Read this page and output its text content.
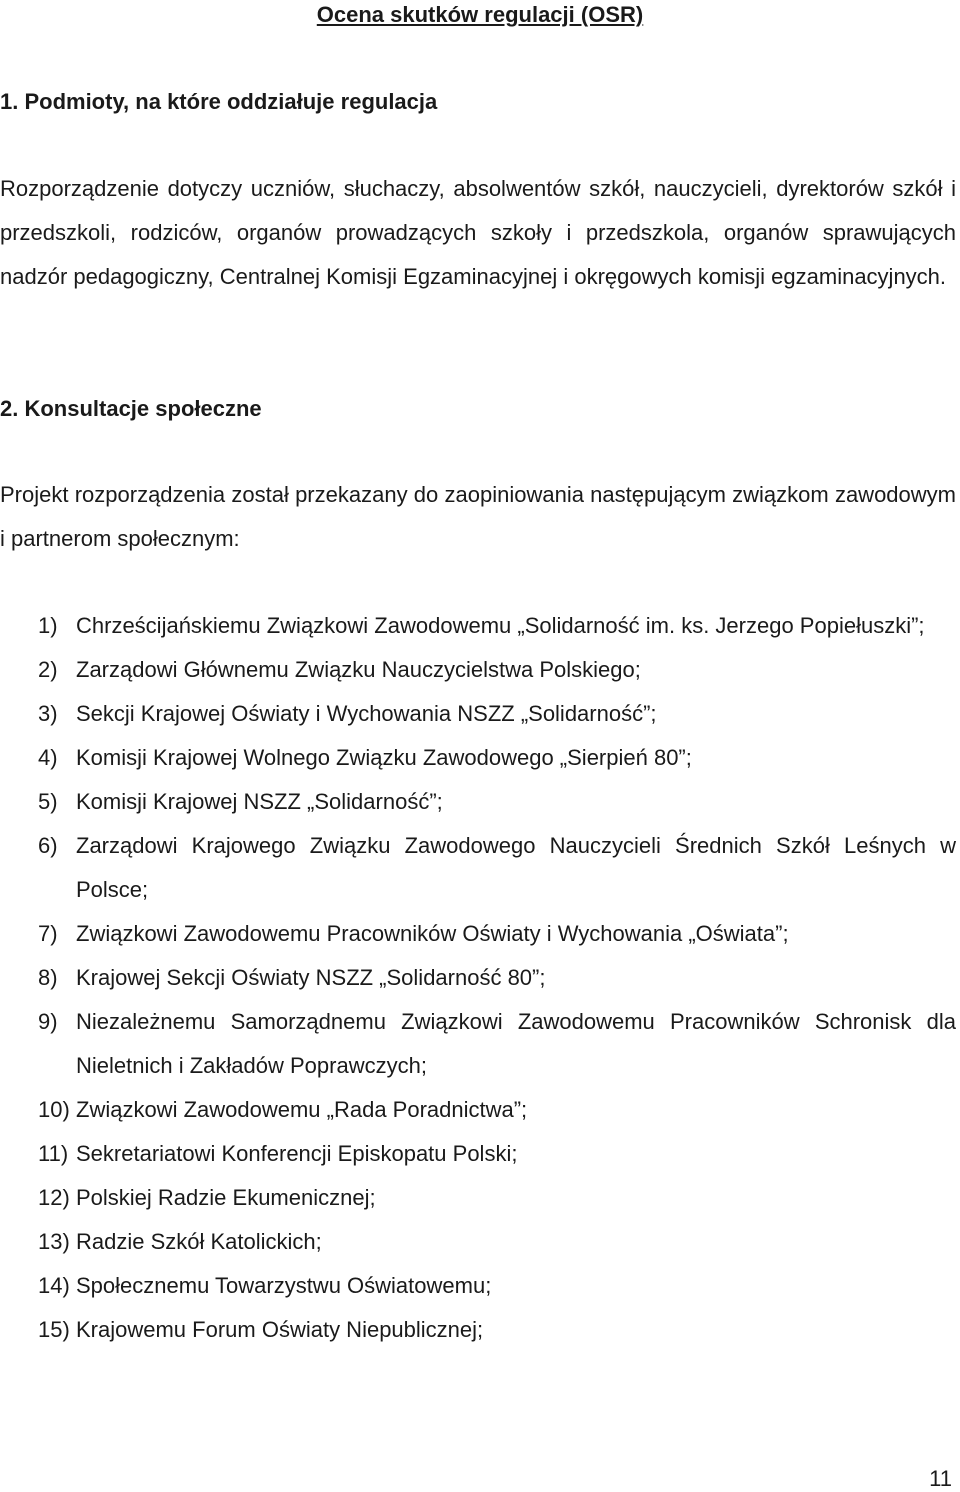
Ocena skutków regulacji (OSR)
1. Podmioty, na które oddziałuje regulacja
Rozporządzenie dotyczy uczniów, słuchaczy, absolwentów szkół, nauczycieli, dyrektorów szkół i przedszkoli, rodziców, organów prowadzących szkoły i przedszkola, organów sprawujących nadzór pedagogiczny, Centralnej Komisji Egzaminacyjnej i okręgowych komisji egzaminacyjnych.
2. Konsultacje społeczne
Projekt rozporządzenia został przekazany do zaopiniowania następującym związkom zawodowym i partnerom społecznym:
1) Chrześcijańskiemu Związkowi Zawodowemu „Solidarność im. ks. Jerzego Popiełuszki”;
2) Zarządowi Głównemu Związku Nauczycielstwa Polskiego;
3) Sekcji Krajowej Oświaty i Wychowania NSZZ „Solidarność”;
4) Komisji Krajowej Wolnego Związku Zawodowego „Sierpień 80”;
5) Komisji Krajowej NSZZ „Solidarność”;
6) Zarządowi Krajowego Związku Zawodowego Nauczycieli Średnich Szkół Leśnych w Polsce;
7) Związkowi Zawodowemu Pracowników Oświaty i Wychowania „Oświata”;
8) Krajowej Sekcji Oświaty NSZZ „Solidarność 80”;
9) Niezależnemu Samorządnemu Związkowi Zawodowemu Pracowników Schronisk dla Nieletnich i Zakładów Poprawczych;
10) Związkowi Zawodowemu „Rada Poradnictwa”;
11) Sekretariatowi Konferencji Episkopatu Polski;
12) Polskiej Radzie Ekumenicznej;
13) Radzie Szkół Katolickich;
14) Społecznemu Towarzystwu Oświatowemu;
15) Krajowemu Forum Oświaty Niepublicznej;
11
